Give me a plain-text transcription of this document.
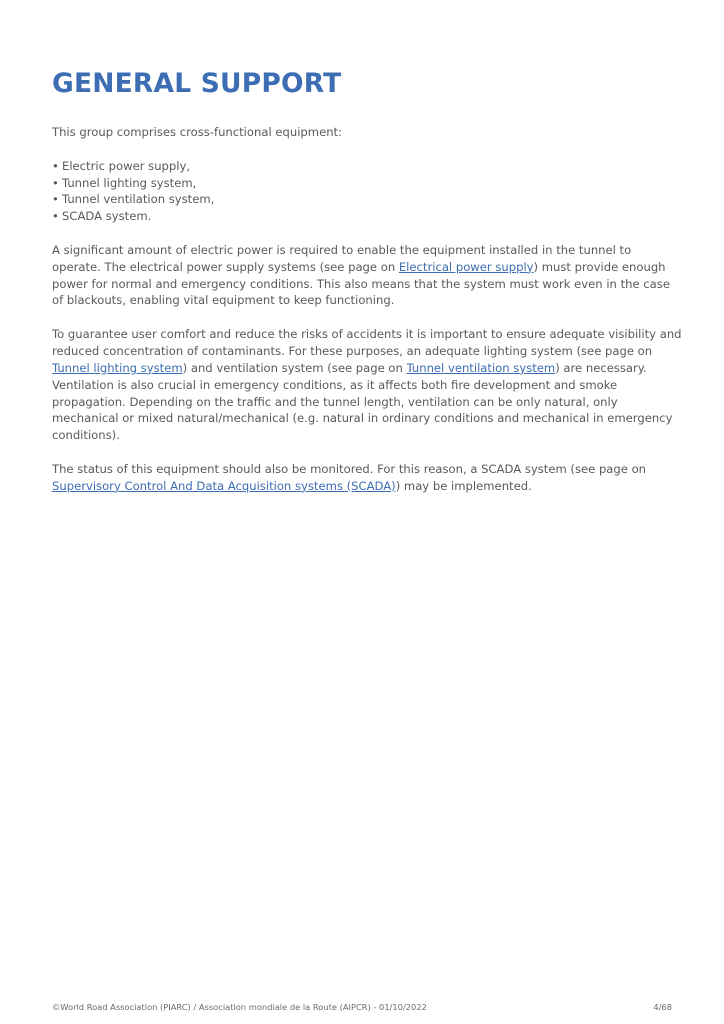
GENERAL SUPPORT

This group comprises cross-functional equipment:

• Electric power supply,
• Tunnel lighting system,
• Tunnel ventilation system,
• SCADA system.

A significant amount of electric power is required to enable the equipment installed in the tunnel to operate. The electrical power supply systems (see page on Electrical power supply) must provide enough power for normal and emergency conditions. This also means that the system must work even in the case of blackouts, enabling vital equipment to keep functioning.

To guarantee user comfort and reduce the risks of accidents it is important to ensure adequate visibility and reduced concentration of contaminants. For these purposes, an adequate lighting system (see page on Tunnel lighting system) and ventilation system (see page on Tunnel ventilation system) are necessary. Ventilation is also crucial in emergency conditions, as it affects both fire development and smoke propagation. Depending on the traffic and the tunnel length, ventilation can be only natural, only mechanical or mixed natural/mechanical (e.g. natural in ordinary conditions and mechanical in emergency conditions).

The status of this equipment should also be monitored. For this reason, a SCADA system (see page on Supervisory Control And Data Acquisition systems (SCADA)) may be implemented.

©World Road Association (PIARC) / Association mondiale de la Route (AIPCR) - 01/10/2022	4/68
